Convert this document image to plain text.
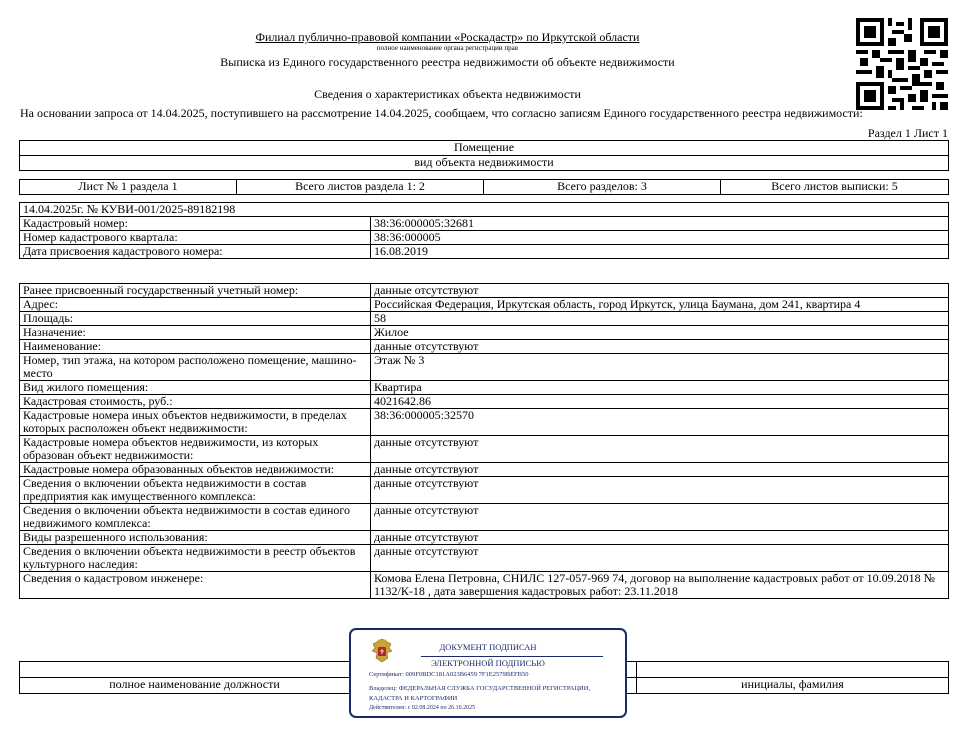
Филиал публично-правовой компании «Роскадастр» по Иркутской области
полное наименование органа регистрации прав
Выписка из Единого государственного реестра недвижимости об объекте недвижимости
Сведения о характеристиках объекта недвижимости
На основании запроса от 14.04.2025, поступившего на рассмотрение 14.04.2025, сообщаем, что согласно записям Единого государственного реестра недвижимости:
Раздел 1 Лист 1
Помещение
вид объекта недвижимости
Лист № 1 раздела 1	Всего листов раздела 1: 2	Всего разделов: 3	Всего листов выписки: 5
14.04.2025г. № КУВИ-001/2025-89182198	
Кадастровый номер:	38:36:000005:32681
Номер кадастрового квартала:	38:36:000005
Дата присвоения кадастрового номера:	16.08.2019
Ранее присвоенный государственный учетный номер:	данные отсутствуют
Адрес:	Российская Федерация, Иркутская область, город Иркутск, улица Баумана, дом 241, квартира 4
Площадь:	58
Назначение:	Жилое
Наименование:	данные отсутствуют
Номер, тип этажа, на котором расположено помещение, машино-место	Этаж № 3
Вид жилого помещения:	Квартира
Кадастровая стоимость, руб.:	4021642.86
Кадастровые номера иных объектов недвижимости, в пределах которых расположен объект недвижимости:	38:36:000005:32570
Кадастровые номера объектов недвижимости, из которых образован объект недвижимости:	данные отсутствуют
Кадастровые номера образованных объектов недвижимости:	данные отсутствуют
Сведения о включении объекта недвижимости в состав предприятия как имущественного комплекса:	данные отсутствуют
Сведения о включении объекта недвижимости в состав единого недвижимого комплекса:	данные отсутствуют
Виды разрешенного использования:	данные отсутствуют
Сведения о включении объекта недвижимости в реестр объектов культурного наследия:	данные отсутствуют
Сведения о кадастровом инженере:	Комова Елена Петровна, СНИЛС 127-057-969 74, договор на выполнение кадастровых работ от 10.09.2018 № 1132/К-18 , дата завершения кадастровых работ: 23.11.2018

полное наименование должности		инициалы, фамилия
ДОКУМЕНТ ПОДПИСАН
ЭЛЕКТРОННОЙ ПОДПИСЬЮ
Сертификат: 009F0BDC181A023B6459 7F1E2579BEFB50
Владелец: ФЕДЕРАЛЬНАЯ СЛУЖБА ГОСУДАРСТВЕННОЙ РЕГИСТРАЦИИ, КАДАСТРА И КАРТОГРАФИИ
Действителен: с 02.08.2024 по 26.10.2025
